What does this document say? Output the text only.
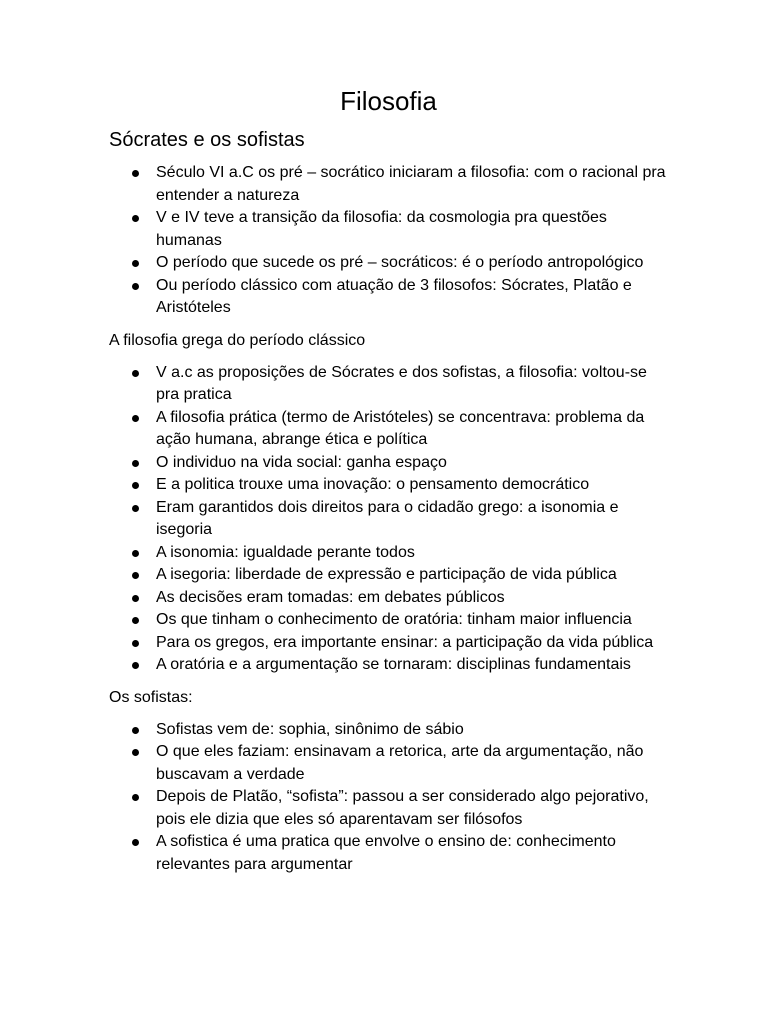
Filosofia
Sócrates e os sofistas
Século VI a.C os pré – socrático iniciaram a filosofia: com o racional pra entender a natureza
V e IV teve a transição da filosofia: da cosmologia pra questões humanas
O período que sucede os pré – socráticos: é o período antropológico
Ou período clássico com atuação de 3 filosofos: Sócrates, Platão e Aristóteles

A filosofia grega do período clássico

V a.c as proposições de Sócrates e dos sofistas, a filosofia: voltou-se pra pratica
A filosofia prática (termo de Aristóteles) se concentrava: problema da ação humana, abrange ética e política
O individuo na vida social: ganha espaço
E a politica trouxe uma inovação: o pensamento democrático
Eram garantidos dois direitos para o cidadão grego: a isonomia e isegoria
A isonomia: igualdade perante todos
A isegoria: liberdade de expressão e participação de vida pública
As decisões eram tomadas: em debates públicos
Os que tinham o conhecimento de oratória: tinham maior influencia
Para os gregos, era importante ensinar: a participação da vida pública
A oratória e a argumentação se tornaram: disciplinas fundamentais

Os sofistas:

Sofistas vem de: sophia, sinônimo de sábio
O que eles faziam: ensinavam a retorica, arte da argumentação, não buscavam a verdade
Depois de Platão, “sofista”: passou a ser considerado algo pejorativo, pois ele dizia que eles só aparentavam ser filósofos
A sofistica é uma pratica que envolve o ensino de: conhecimento relevantes para argumentar
